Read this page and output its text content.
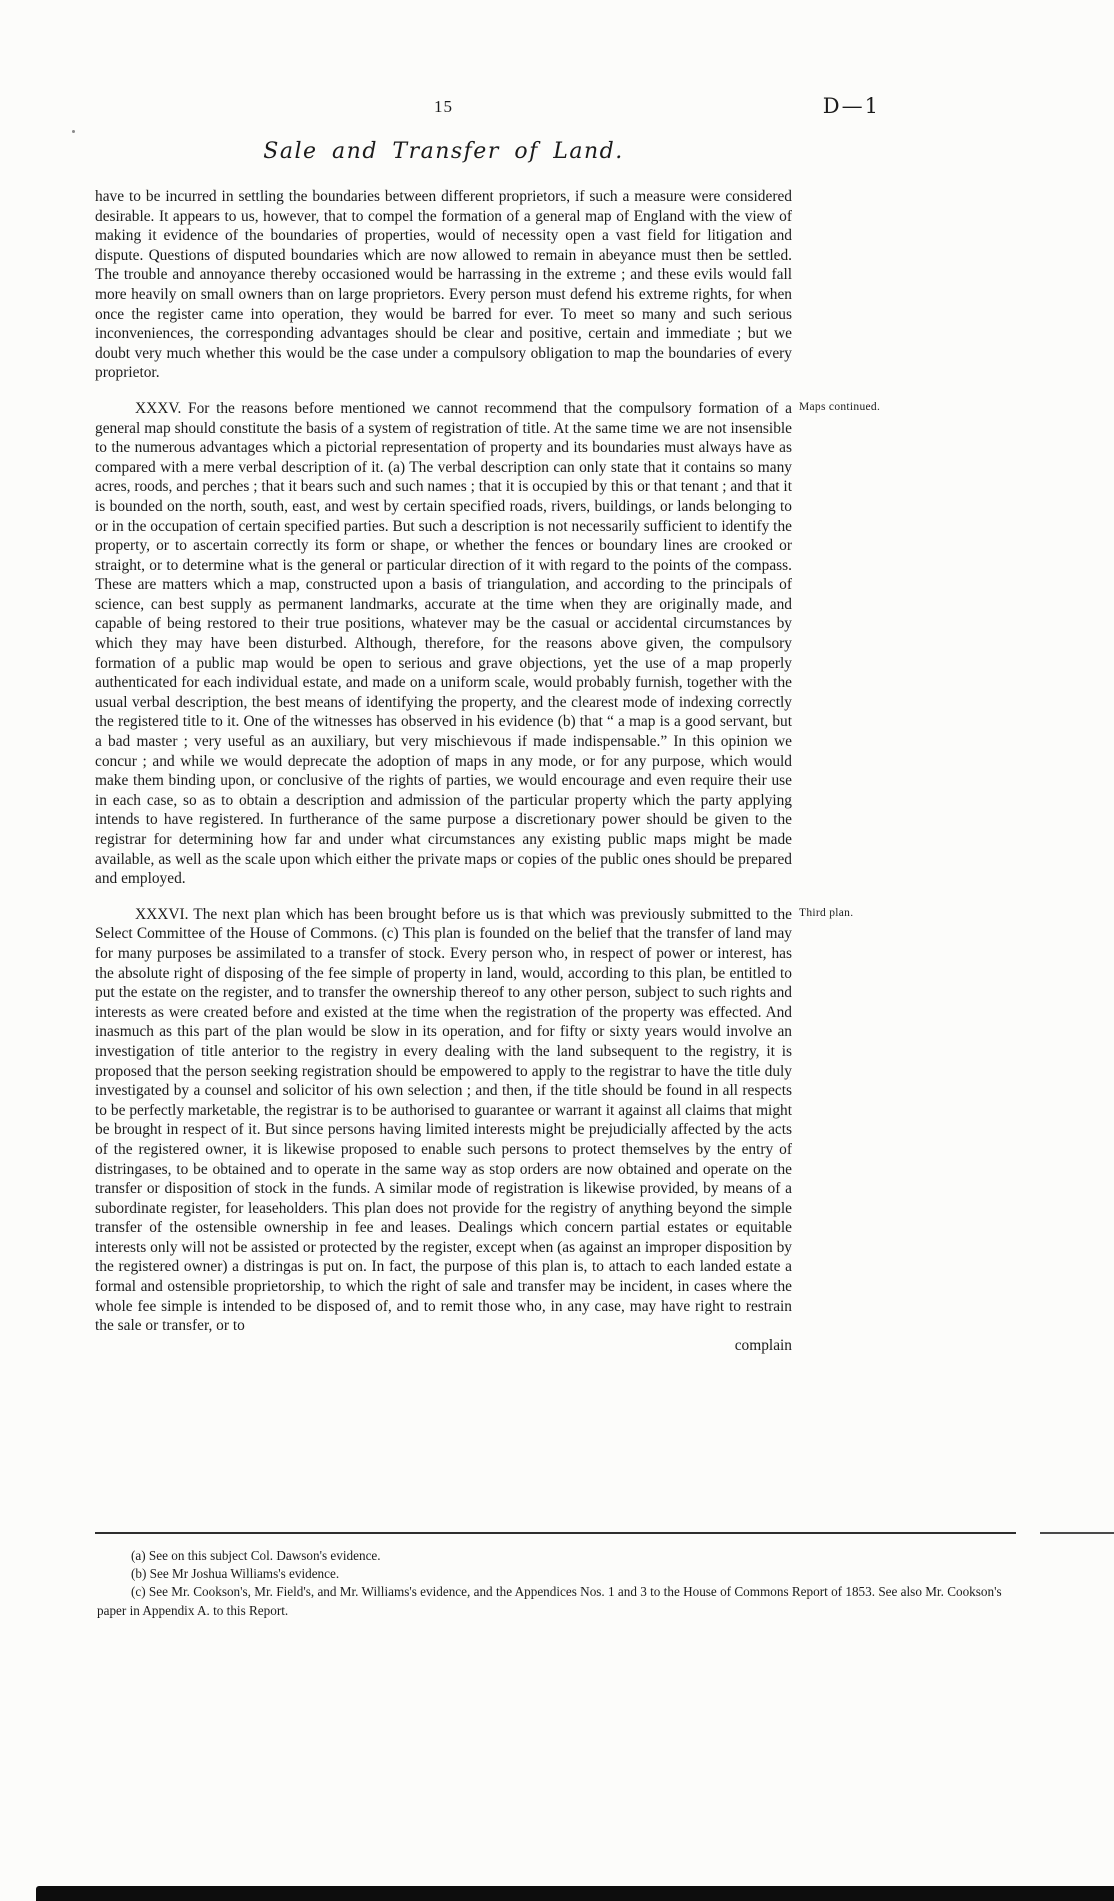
15	D—1
Sale and Transfer of Land.

have to be incurred in settling the boundaries between different proprietors, if such a measure were considered desirable. It appears to us, however, that to compel the formation of a general map of England with the view of making it evidence of the boundaries of properties, would of necessity open a vast field for litigation and dispute. Questions of disputed boundaries which are now allowed to remain in abeyance must then be settled. The trouble and annoyance thereby occasioned would be harrassing in the extreme ; and these evils would fall more heavily on small owners than on large proprietors. Every person must defend his extreme rights, for when once the register came into operation, they would be barred for ever. To meet so many and such serious inconveniences, the corresponding advantages should be clear and positive, certain and immediate ; but we doubt very much whether this would be the case under a compulsory obligation to map the boundaries of every proprietor.

XXXV. For the reasons before mentioned we cannot recommend that the compulsory formation of a general map should constitute the basis of a system of registration of title. At the same time we are not insensible to the numerous advantages which a pictorial representation of property and its boundaries must always have as compared with a mere verbal description of it. (a) The verbal description can only state that it contains so many acres, roods, and perches ; that it bears such and such names ; that it is occupied by this or that tenant ; and that it is bounded on the north, south, east, and west by certain specified roads, rivers, buildings, or lands belonging to or in the occupation of certain specified parties. But such a description is not necessarily sufficient to identify the property, or to ascertain correctly its form or shape, or whether the fences or boundary lines are crooked or straight, or to determine what is the general or particular direction of it with regard to the points of the compass. These are matters which a map, constructed upon a basis of triangulation, and according to the principals of science, can best supply as permanent landmarks, accurate at the time when they are originally made, and capable of being restored to their true positions, whatever may be the casual or accidental circumstances by which they may have been disturbed. Although, therefore, for the reasons above given, the compulsory formation of a public map would be open to serious and grave objections, yet the use of a map properly authenticated for each individual estate, and made on a uniform scale, would probably furnish, together with the usual verbal description, the best means of identifying the property, and the clearest mode of indexing correctly the registered title to it. One of the witnesses has observed in his evidence (b) that “ a map is a good servant, but a bad master ; very useful as an auxiliary, but very mischievous if made indispensable.” In this opinion we concur ; and while we would deprecate the adoption of maps in any mode, or for any purpose, which would make them binding upon, or conclusive of the rights of parties, we would encourage and even require their use in each case, so as to obtain a description and admission of the particular property which the party applying intends to have registered. In furtherance of the same purpose a discretionary power should be given to the registrar for determining how far and under what circumstances any existing public maps might be made available, as well as the scale upon which either the private maps or copies of the public ones should be prepared and employed.

Maps continued.

XXXVI. The next plan which has been brought before us is that which was previously submitted to the Select Committee of the House of Commons. (c) This plan is founded on the belief that the transfer of land may for many purposes be assimilated to a transfer of stock. Every person who, in respect of power or interest, has the absolute right of disposing of the fee simple of property in land, would, according to this plan, be entitled to put the estate on the register, and to transfer the ownership thereof to any other person, subject to such rights and interests as were created before and existed at the time when the registration of the property was effected. And inasmuch as this part of the plan would be slow in its operation, and for fifty or sixty years would involve an investigation of title anterior to the registry in every dealing with the land subsequent to the registry, it is proposed that the person seeking registration should be empowered to apply to the registrar to have the title duly investigated by a counsel and solicitor of his own selection ; and then, if the title should be found in all respects to be perfectly marketable, the registrar is to be authorised to guarantee or warrant it against all claims that might be brought in respect of it. But since persons having limited interests might be prejudicially affected by the acts of the registered owner, it is likewise proposed to enable such persons to protect themselves by the entry of distringases, to be obtained and to operate in the same way as stop orders are now obtained and operate on the transfer or disposition of stock in the funds. A similar mode of registration is likewise provided, by means of a subordinate register, for leaseholders. This plan does not provide for the registry of anything beyond the simple transfer of the ostensible ownership in fee and leases. Dealings which concern partial estates or equitable interests only will not be assisted or protected by the register, except when (as against an improper disposition by the registered owner) a distringas is put on. In fact, the purpose of this plan is, to attach to each landed estate a formal and ostensible proprietorship, to which the right of sale and transfer may be incident, in cases where the whole fee simple is intended to be disposed of, and to remit those who, in any case, may have right to restrain the sale or transfer, or to

Third plan.
complain

(a) See on this subject Col. Dawson's evidence.

(b) See Mr Joshua Williams's evidence.

(c) See Mr. Cookson's, Mr. Field's, and Mr. Williams's evidence, and the Appendices Nos. 1 and 3 to the House of Commons Report of 1853. See also Mr. Cookson's paper in Appendix A. to this Report.
